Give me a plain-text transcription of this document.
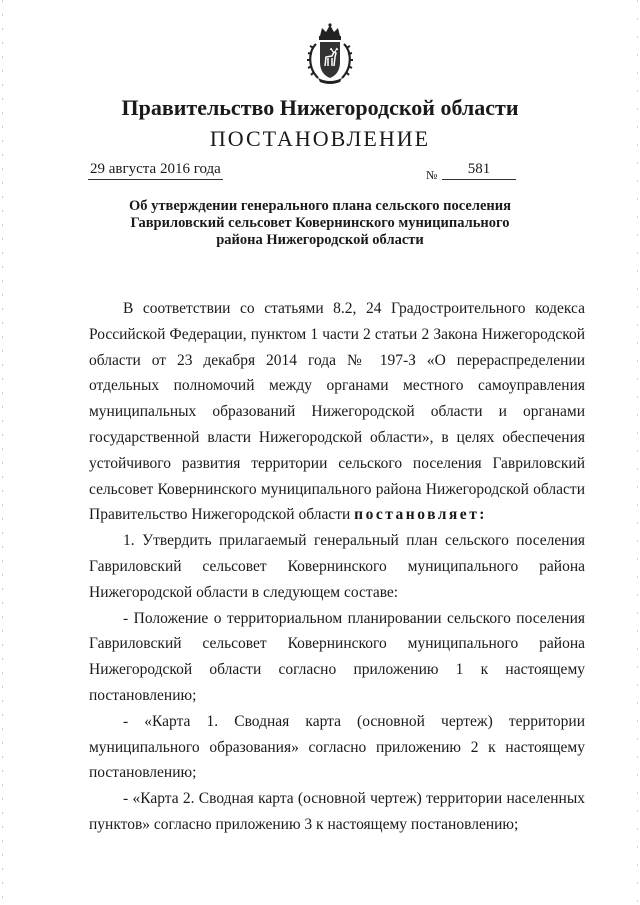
Правительство Нижегородской области
ПОСТАНОВЛЕНИЕ
29 августа 2016 года	№	581
Об утверждении генерального плана сельского поселения
Гавриловский сельсовет Ковернинского муниципального
района Нижегородской области

В соответствии со статьями 8.2, 24 Градостроительного кодекса Российской Федерации, пунктом 1 части 2 статьи 2 Закона Нижегородской области от 23 декабря 2014 года № 197-З «О перераспределении отдельных полномочий между органами местного самоуправления муниципальных образований Нижегородской области и органами государственной власти Нижегородской области», в целях обеспечения устойчивого развития территории сельского поселения Гавриловский сельсовет Ковернинского муниципального района Нижегородской области Правительство Нижегородской области постановляет:

1. Утвердить прилагаемый генеральный план сельского поселения Гавриловский сельсовет Ковернинского муниципального района Нижегородской области в следующем составе:

- Положение о территориальном планировании сельского поселения Гавриловский сельсовет Ковернинского муниципального района Нижегородской области согласно приложению 1 к настоящему постановлению;

- «Карта 1. Сводная карта (основной чертеж) территории муниципального образования» согласно приложению 2 к настоящему постановлению;

- «Карта 2. Сводная карта (основной чертеж) территории населенных пунктов» согласно приложению 3 к настоящему постановлению;
